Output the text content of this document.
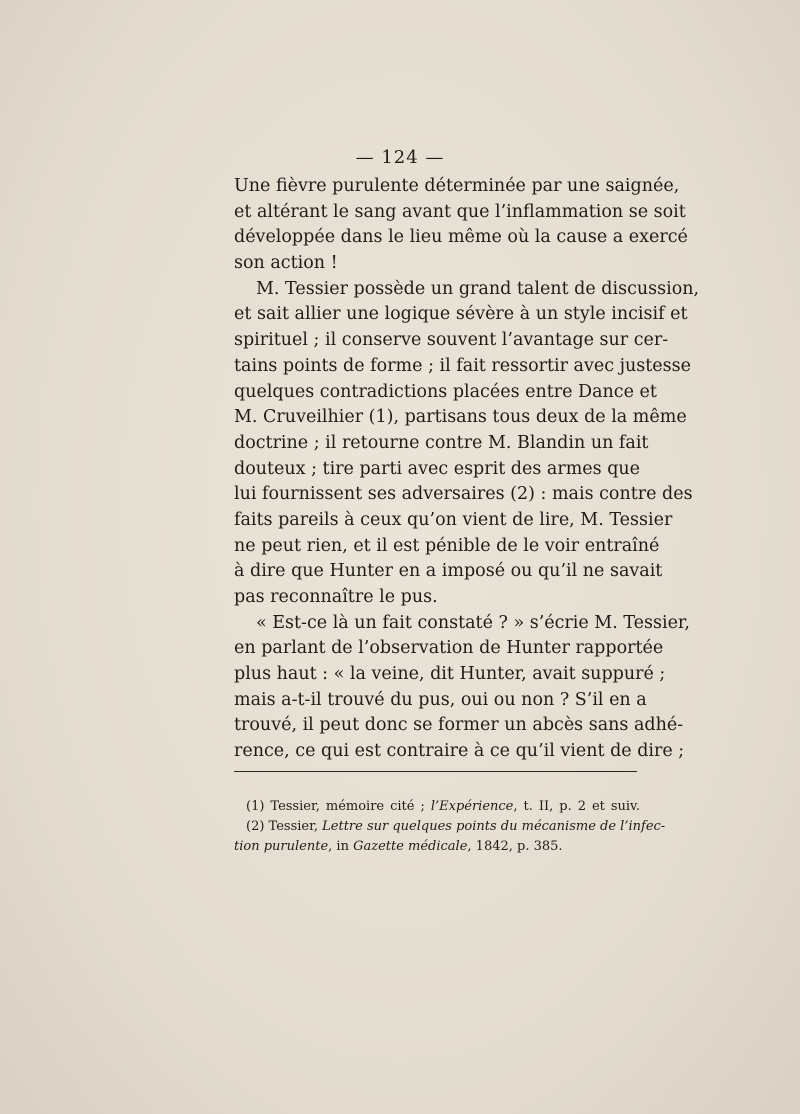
— 124 —
Une fièvre purulente déterminée par une saignée,
et altérant le sang avant que l’inflammation se soit
développée dans le lieu même où la cause a exercé
son action !
M. Tessier possède un grand talent de discussion,
et sait allier une logique sévère à un style incisif et
spirituel ; il conserve souvent l’avantage sur cer-
tains points de forme ; il fait ressortir avec justesse
quelques contradictions placées entre Dance et
M. Cruveilhier (1), partisans tous deux de la même
doctrine ; il retourne contre M. Blandin un fait
douteux ; tire parti avec esprit des armes que
lui fournissent ses adversaires (2) : mais contre des
faits pareils à ceux qu’on vient de lire, M. Tessier
ne peut rien, et il est pénible de le voir entraîné
à dire que Hunter en a imposé ou qu’il ne savait
pas reconnaître le pus.
« Est-ce là un fait constaté ? » s’écrie M. Tessier,
en parlant de l’observation de Hunter rapportée
plus haut : « la veine, dit Hunter, avait suppuré ;
mais a-t-il trouvé du pus, oui ou non ? S’il en a
trouvé, il peut donc se former un abcès sans adhé-
rence, ce qui est contraire à ce qu’il vient de dire ;
(1) Tessier, mémoire cité ; l’Expérience, t. II, p. 2 et suiv.
(2) Tessier, Lettre sur quelques points du mécanisme de l’infec-
tion purulente, in Gazette médicale, 1842, p. 385.
